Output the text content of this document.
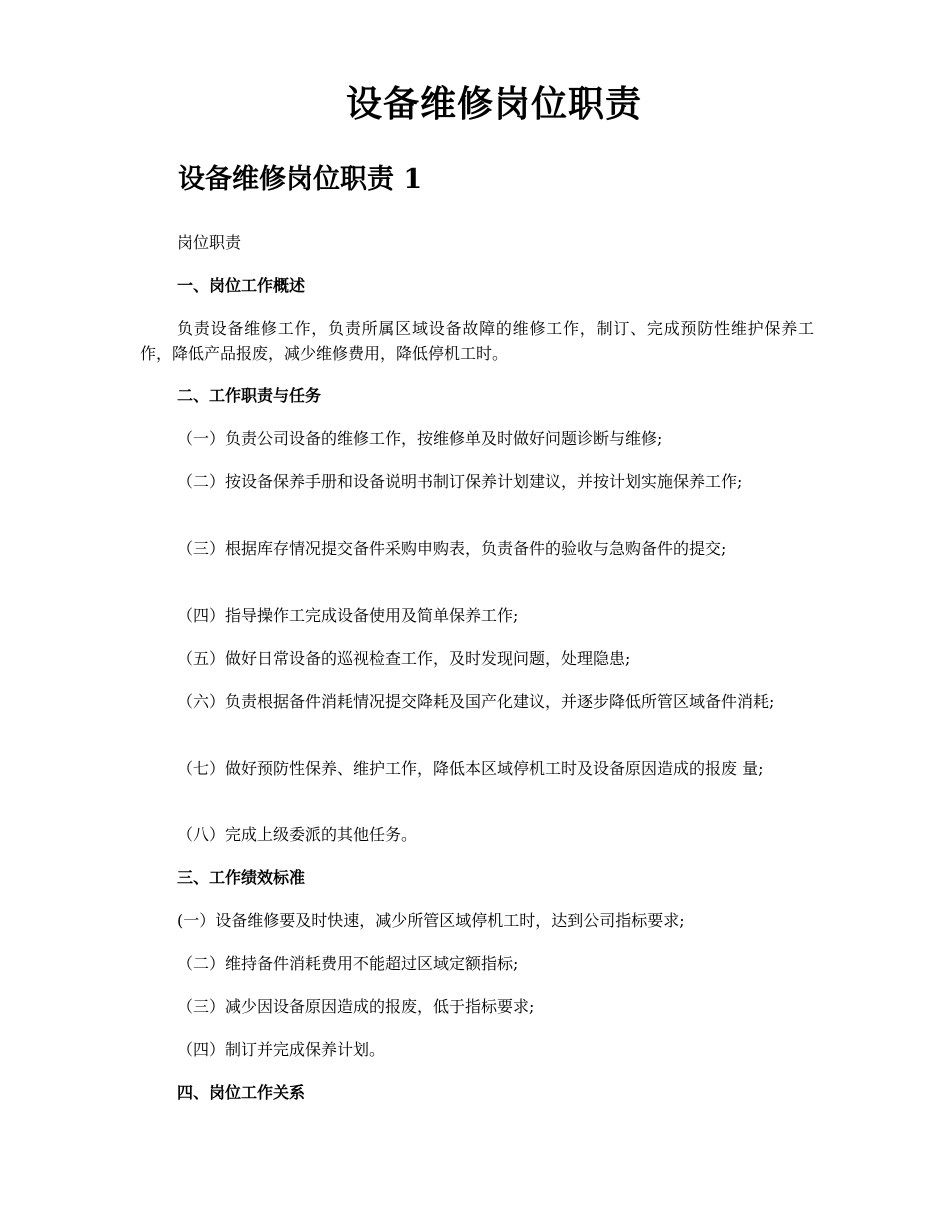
设备维修岗位职责
设备维修岗位职责 1

岗位职责

一、岗位工作概述

负责设备维修工作，负责所属区域设备故障的维修工作，制订、完成预防性维护保养工作，降低产品报废，减少维修费用，降低停机工时。

二、工作职责与任务

（一）负责公司设备的维修工作，按维修单及时做好问题诊断与维修;

（二）按设备保养手册和设备说明书制订保养计划建议，并按计划实施保养工作;

（三）根据库存情况提交备件采购申购表，负责备件的验收与急购备件的提交;

（四）指导操作工完成设备使用及简单保养工作;

（五）做好日常设备的巡视检查工作，及时发现问题，处理隐患;

（六）负责根据备件消耗情况提交降耗及国产化建议，并逐步降低所管区域备件消耗;

（七）做好预防性保养、维护工作，降低本区域停机工时及设备原因造成的报废 量;

（八）完成上级委派的其他任务。

三、工作绩效标准

(一）设备维修要及时快速，减少所管区域停机工时，达到公司指标要求;

（二）维持备件消耗费用不能超过区域定额指标;

（三）减少因设备原因造成的报废，低于指标要求;

（四）制订并完成保养计划。

四、岗位工作关系
